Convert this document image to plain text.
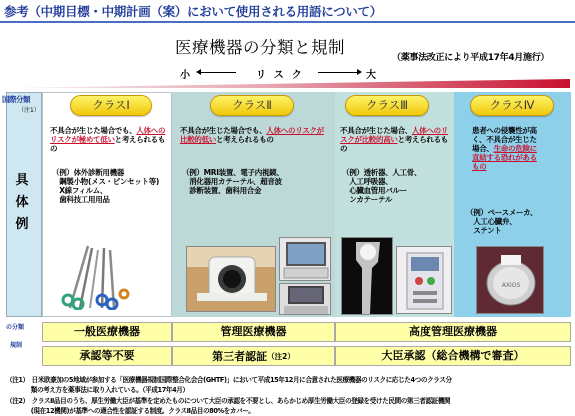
参考（中期目標・中期計画（案）において使用される用語について）
医療機器の分類と規制
（薬事法改正により平成17年4月施行）
小	リスク	大
国際分類
（注1）
具体例
クラスⅠ	クラスⅡ	クラスⅢ	クラスⅣ
不具合が生じた場合でも、人体へのリスクが極めて低いと考えられるもの
（例）体外診断用機器
　鋼製小物(メス・ピンセット等)
　X線フィルム、
　歯科技工用用品
不具合が生じた場合でも、人体へのリスクが比較的低いと考えられるもの
（例）MRI装置、電子内視鏡、
　消化器用カテーテル、超音波
　診断装置、歯科用合金
不具合が生じた場合、人体へのリスクが比較的高いと考えられるもの
（例）透析器、人工骨、
　人工呼吸器、
　心臓血管用バルー
　ンカテーテル
患者への侵襲性が高く、不具合が生じた場合、生命の危険に直結する恐れがあるもの
（例）ペースメーカ、
　人工心臓弁、
　ステント
AXIOS
の分類
規制
一般医療機器	管理医療機器	高度管理医療機器
承認等不要	第三者認証 （注2）	大臣承認（総合機構で審査）
（注1）　日米欧豪加の5地域が参加する「医療機器規制国際整合化会合(GHTF)」において平成15年12月に合意された医療機器のリスクに応じた4つのクラス分
　　　　類の考え方を薬事法に取り入れている。（平成17年4月）
（注2）　クラスⅡ品目のうち、厚生労働大臣が基準を定めたものについて大臣の承認を不要とし、あらかじめ厚生労働大臣の登録を受けた民間の第三者認証機関
　　　　(現在12機関)が基準への適合性を認証する制度。クラスⅡ品目の80%をカバー。
